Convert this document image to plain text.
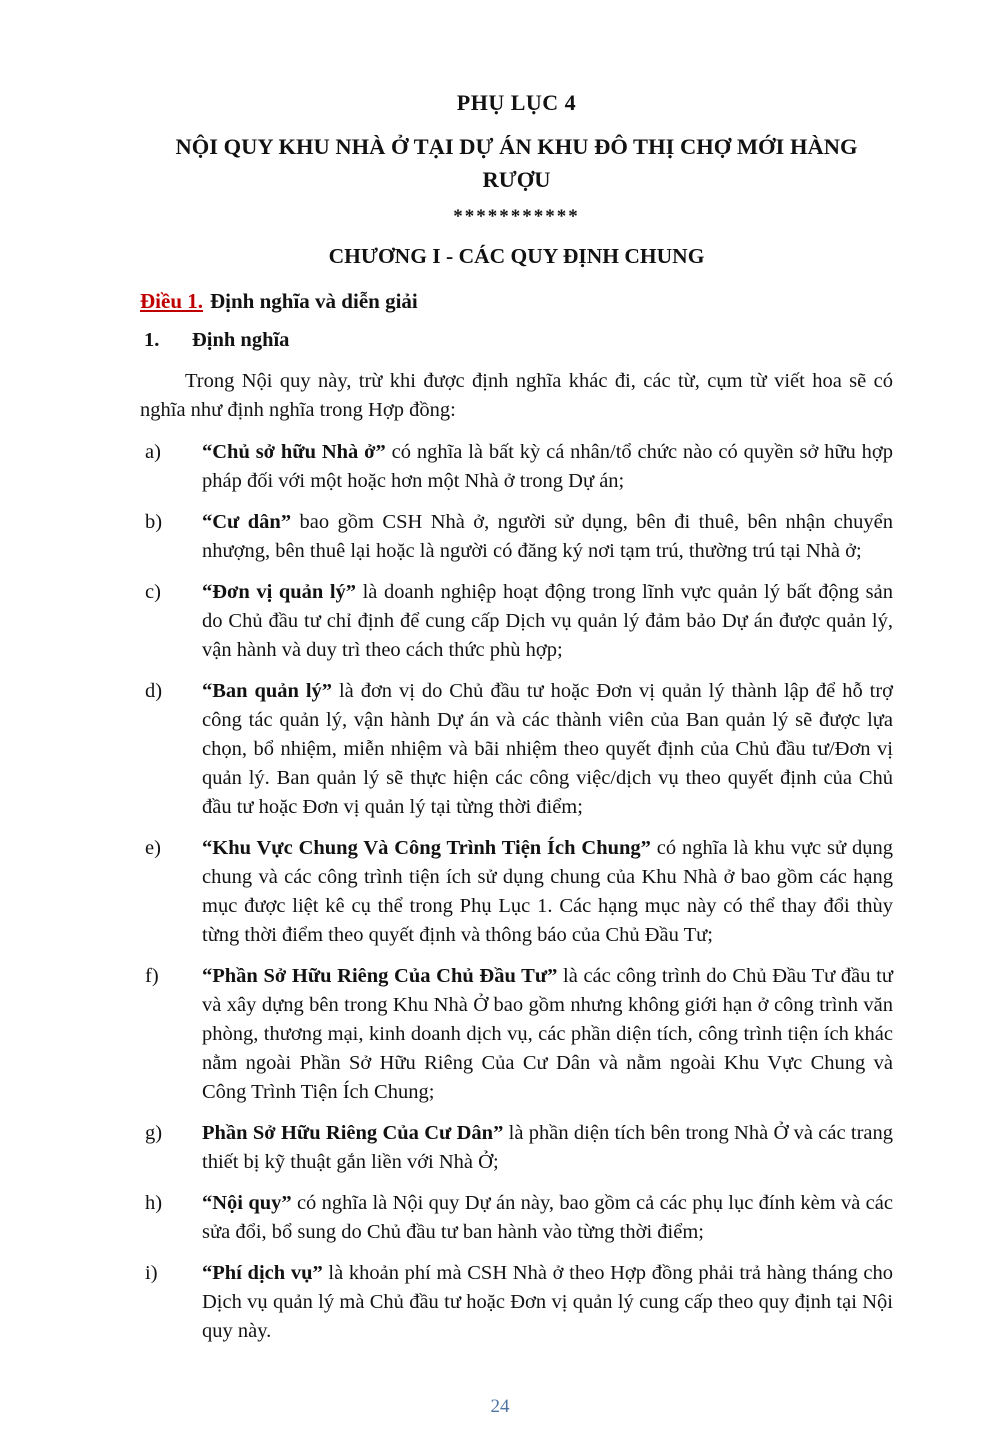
PHỤ LỤC 4
NỘI QUY KHU NHÀ Ở TẠI DỰ ÁN KHU ĐÔ THỊ CHỢ MỚI HÀNG RƯỢU
***********
CHƯƠNG I - CÁC QUY ĐỊNH CHUNG
Điều 1. Định nghĩa và diễn giải
1. Định nghĩa

Trong Nội quy này, trừ khi được định nghĩa khác đi, các từ, cụm từ viết hoa sẽ có nghĩa như định nghĩa trong Hợp đồng:

a) “Chủ sở hữu Nhà ở” có nghĩa là bất kỳ cá nhân/tổ chức nào có quyền sở hữu hợp pháp đối với một hoặc hơn một Nhà ở trong Dự án;
b) “Cư dân” bao gồm CSH Nhà ở, người sử dụng, bên đi thuê, bên nhận chuyển nhượng, bên thuê lại hoặc là người có đăng ký nơi tạm trú, thường trú tại Nhà ở;
c) “Đơn vị quản lý” là doanh nghiệp hoạt động trong lĩnh vực quản lý bất động sản do Chủ đầu tư chỉ định để cung cấp Dịch vụ quản lý đảm bảo Dự án được quản lý, vận hành và duy trì theo cách thức phù hợp;
d) “Ban quản lý” là đơn vị do Chủ đầu tư hoặc Đơn vị quản lý thành lập để hỗ trợ công tác quản lý, vận hành Dự án và các thành viên của Ban quản lý sẽ được lựa chọn, bổ nhiệm, miễn nhiệm và bãi nhiệm theo quyết định của Chủ đầu tư/Đơn vị quản lý. Ban quản lý sẽ thực hiện các công việc/dịch vụ theo quyết định của Chủ đầu tư hoặc Đơn vị quản lý tại từng thời điểm;
e) “Khu Vực Chung Và Công Trình Tiện Ích Chung” có nghĩa là khu vực sử dụng chung và các công trình tiện ích sử dụng chung của Khu Nhà ở bao gồm các hạng mục được liệt kê cụ thể trong Phụ Lục 1. Các hạng mục này có thể thay đổi thùy từng thời điểm theo quyết định và thông báo của Chủ Đầu Tư;
f) “Phần Sở Hữu Riêng Của Chủ Đầu Tư” là các công trình do Chủ Đầu Tư đầu tư và xây dựng bên trong Khu Nhà Ở bao gồm nhưng không giới hạn ở công trình văn phòng, thương mại, kinh doanh dịch vụ, các phần diện tích, công trình tiện ích khác nằm ngoài Phần Sở Hữu Riêng Của Cư Dân và nằm ngoài Khu Vực Chung và Công Trình Tiện Ích Chung;
g) Phần Sở Hữu Riêng Của Cư Dân” là phần diện tích bên trong Nhà Ở và các trang thiết bị kỹ thuật gắn liền với Nhà Ở;
h) “Nội quy” có nghĩa là Nội quy Dự án này, bao gồm cả các phụ lục đính kèm và các sửa đổi, bổ sung do Chủ đầu tư ban hành vào từng thời điểm;
i) “Phí dịch vụ” là khoản phí mà CSH Nhà ở theo Hợp đồng phải trả hàng tháng cho Dịch vụ quản lý mà Chủ đầu tư hoặc Đơn vị quản lý cung cấp theo quy định tại Nội quy này.
24
